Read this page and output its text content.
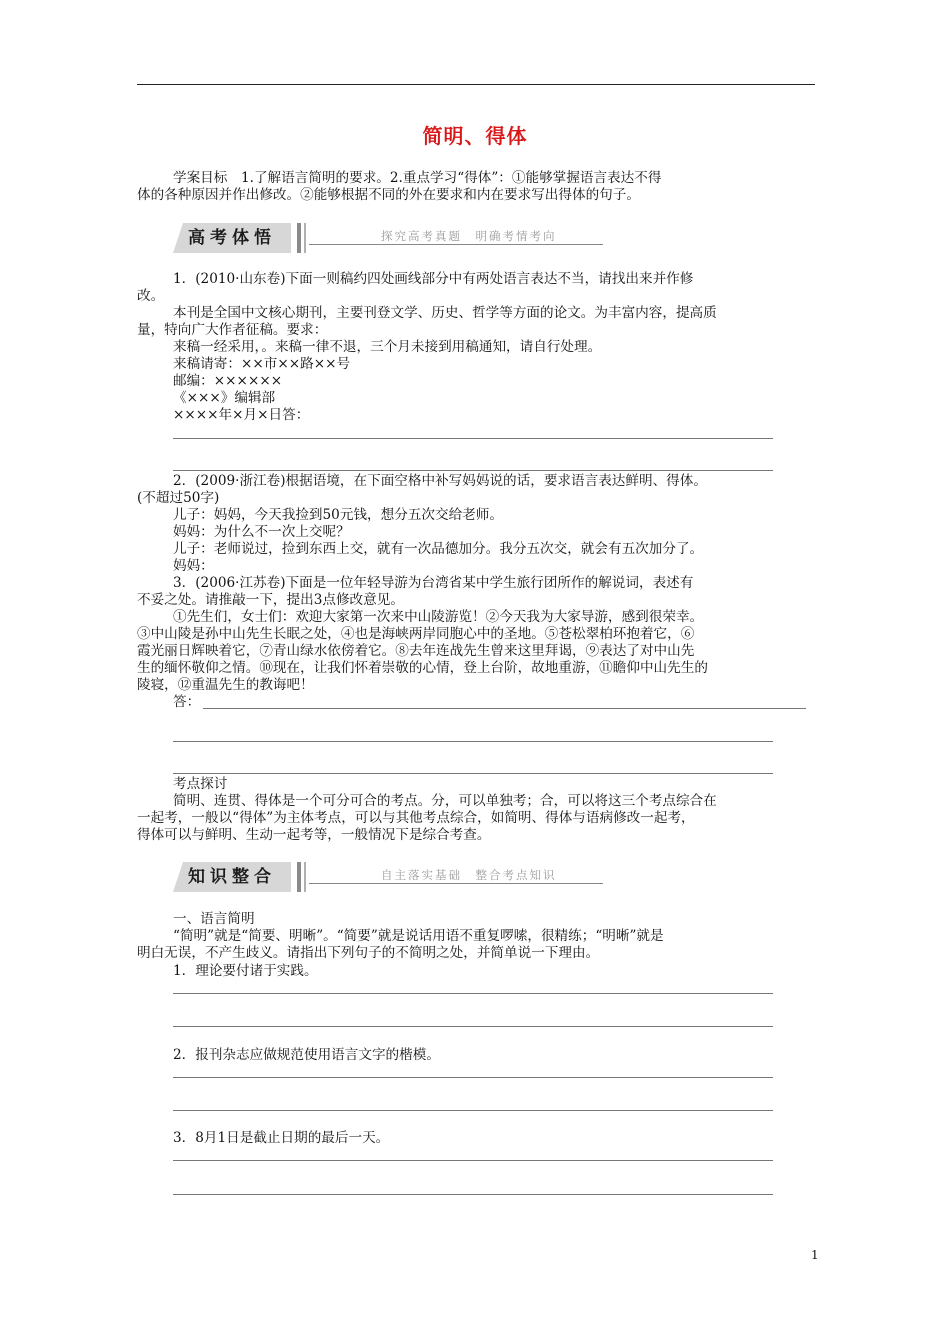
简明、得体
学案目标　1.了解语言简明的要求。2.重点学习“得体”：①能够掌握语言表达不得
体的各种原因并作出修改。②能够根据不同的外在要求和内在要求写出得体的句子。
高考体悟	探究高考真题　明确考情考向
1．(2010·山东卷)下面一则稿约四处画线部分中有两处语言表达不当，请找出来并作修
改。
本刊是全国中文核心期刊，主要刊登文学、历史、哲学等方面的论文。为丰富内容，提高质
量，特向广大作者征稿。要求：
来稿一经采用，。来稿一律不退，三个月未接到用稿通知，请自行处理。
来稿请寄：××市××路××号
邮编：××××××
《×××》编辑部
××××年×月×日答：
2．(2009·浙江卷)根据语境，在下面空格中补写妈妈说的话，要求语言表达鲜明、得体。
(不超过50字)
儿子：妈妈，今天我捡到50元钱，想分五次交给老师。
妈妈：为什么不一次上交呢？
儿子：老师说过，捡到东西上交，就有一次品德加分。我分五次交，就会有五次加分了。
妈妈：
3．(2006·江苏卷)下面是一位年轻导游为台湾省某中学生旅行团所作的解说词，表述有
不妥之处。请推敲一下，提出3点修改意见。
①先生们，女士们：欢迎大家第一次来中山陵游览！②今天我为大家导游，感到很荣幸。
③中山陵是孙中山先生长眠之处，④也是海峡两岸同胞心中的圣地。⑤苍松翠柏环抱着它，⑥
霞光丽日辉映着它，⑦青山绿水依傍着它。⑧去年连战先生曾来这里拜谒，⑨表达了对中山先
生的缅怀敬仰之情。⑩现在，让我们怀着崇敬的心情，登上台阶，故地重游，⑪瞻仰中山先生的
陵寝，⑫重温先生的教诲吧！
答：
考点探讨
简明、连贯、得体是一个可分可合的考点。分，可以单独考；合，可以将这三个考点综合在
一起考，一般以“得体”为主体考点，可以与其他考点综合，如简明、得体与语病修改一起考，
得体可以与鲜明、生动一起考等，一般情况下是综合考查。
知识整合	自主落实基础　整合考点知识
一、语言简明
“简明”就是“简要、明晰”。“简要”就是说话用语不重复啰嗦，很精练；“明晰”就是
明白无误，不产生歧义。请指出下列句子的不简明之处，并简单说一下理由。
1．理论要付诸于实践。
2．报刊杂志应做规范使用语言文字的楷模。
3．8月1日是截止日期的最后一天。
1
